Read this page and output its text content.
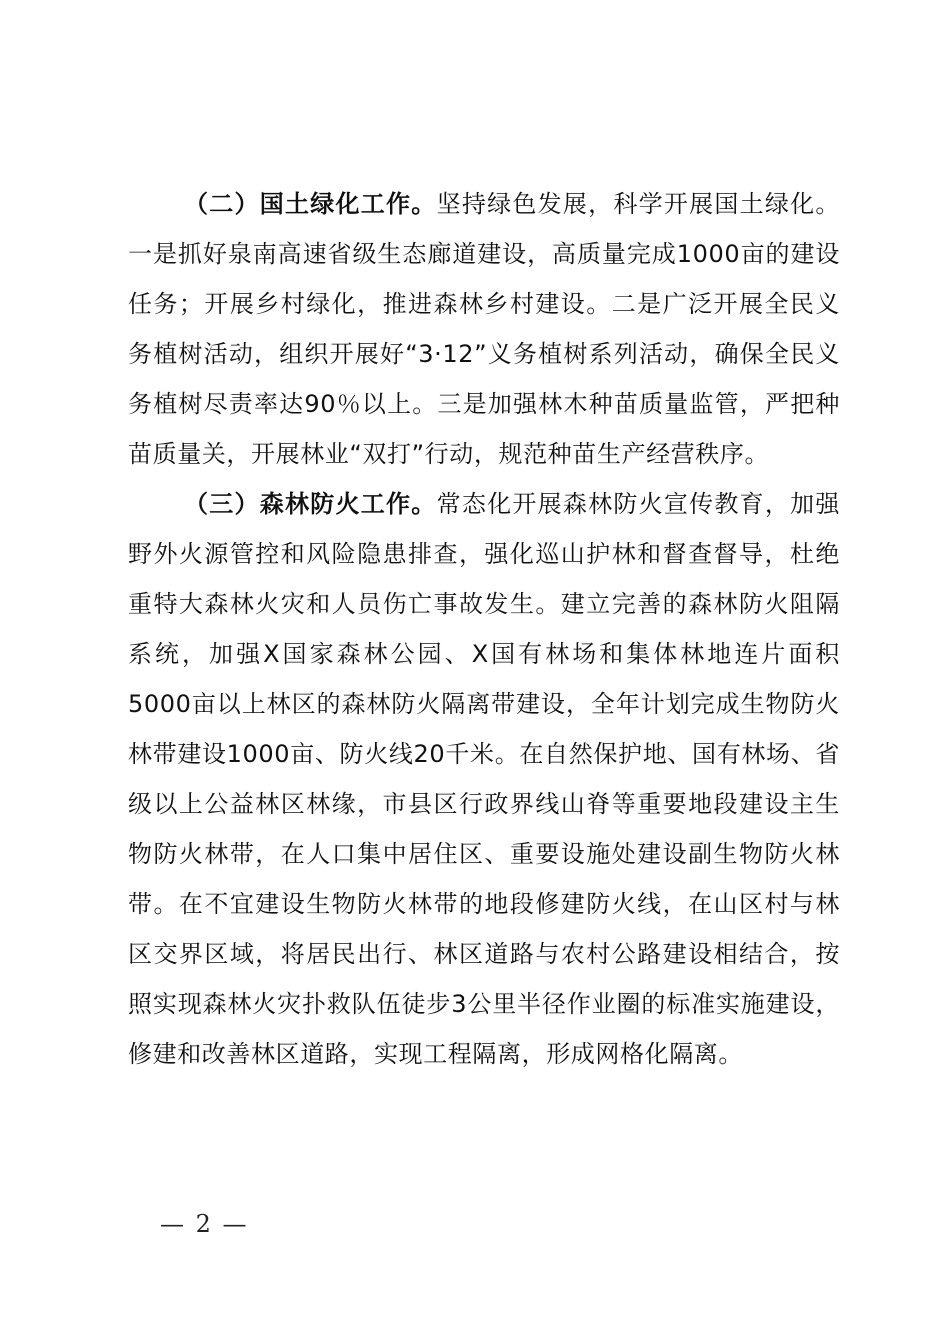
（二）国土绿化工作。坚持绿色发展，科学开展国土绿化。一是抓好泉南高速省级生态廊道建设，高质量完成1000亩的建设任务；开展乡村绿化，推进森林乡村建设。二是广泛开展全民义务植树活动，组织开展好“3·12”义务植树系列活动，确保全民义务植树尽责率达90％以上。三是加强林木种苗质量监管，严把种苗质量关，开展林业“双打”行动，规范种苗生产经营秩序。

（三）森林防火工作。常态化开展森林防火宣传教育，加强野外火源管控和风险隐患排查，强化巡山护林和督查督导，杜绝重特大森林火灾和人员伤亡事故发生。建立完善的森林防火阻隔系统，加强X国家森林公园、X国有林场和集体林地连片面积5000亩以上林区的森林防火隔离带建设，全年计划完成生物防火林带建设1000亩、防火线20千米。在自然保护地、国有林场、省级以上公益林区林缘，市县区行政界线山脊等重要地段建设主生物防火林带，在人口集中居住区、重要设施处建设副生物防火林带。在不宜建设生物防火林带的地段修建防火线，在山区村与林区交界区域，将居民出行、林区道路与农村公路建设相结合，按照实现森林火灾扑救队伍徒步3公里半径作业圈的标准实施建设，修建和改善林区道路，实现工程隔离，形成网格化隔离。

— 2 —
